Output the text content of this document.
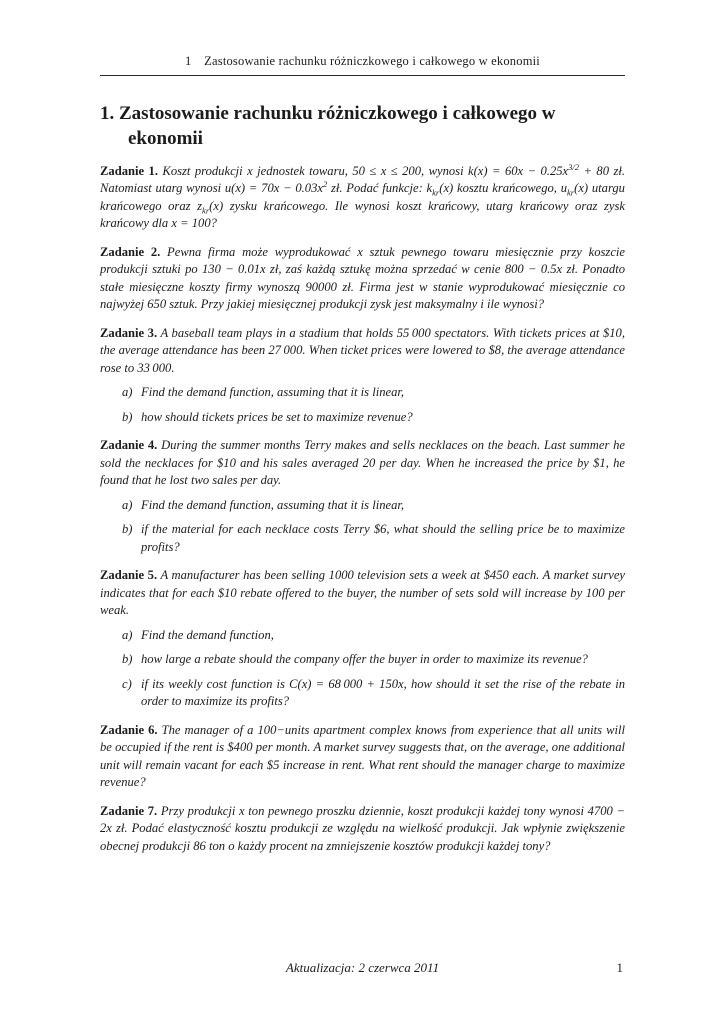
1 Zastosowanie rachunku różniczkowego i całkowego w ekonomii
1. Zastosowanie rachunku różniczkowego i całkowego w ekonomii

Zadanie 1. Koszt produkcji x jednostek towaru, 50 ≤ x ≤ 200, wynosi $k(x) = 60x - 0.25x^{3/2} + 80$ zł. Natomiast utarg wynosi $u(x) = 70x - 0.03x^2$ zł. Podać funkcje: $k_{kr}(x)$ kosztu krańcowego, $u_{kr}(x)$ utargu krańcowego oraz $z_{kr}(x)$ zysku krańcowego. Ile wynosi koszt krańcowy, utarg krańcowy oraz zysk krańcowy dla x = 100?

Zadanie 2. Pewna firma może wyprodukować x sztuk pewnego towaru miesięcznie przy koszcie produkcji sztuki po 130 − 0.01x zł, zaś każdą sztukę można sprzedać w cenie 800 − 0.5x zł. Ponadto stałe miesięczne koszty firmy wynoszą 90000 zł. Firma jest w stanie wyprodukować miesięcznie co najwyżej 650 sztuk. Przy jakiej miesięcznej produkcji zysk jest maksymalny i ile wynosi?

Zadanie 3. A baseball team plays in a stadium that holds 55 000 spectators. With tickets prices at $10, the average attendance has been 27 000. When ticket prices were lowered to $8, the average attendance rose to 33 000.

a) Find the demand function, assuming that it is linear,
b) how should tickets prices be set to maximize revenue?

Zadanie 4. During the summer months Terry makes and sells necklaces on the beach. Last summer he sold the necklaces for $10 and his sales averaged 20 per day. When he increased the price by $1, he found that he lost two sales per day.

a) Find the demand function, assuming that it is linear,
b) if the material for each necklace costs Terry $6, what should the selling price be to maximize profits?

Zadanie 5. A manufacturer has been selling 1000 television sets a week at $450 each. A market survey indicates that for each $10 rebate offered to the buyer, the number of sets sold will increase by 100 per weak.

a) Find the demand function,
b) how large a rebate should the company offer the buyer in order to maximize its revenue?
c) if its weekly cost function is C(x) = 68 000 + 150x, how should it set the rise of the rebate in order to maximize its profits?

Zadanie 6. The manager of a 100−units apartment complex knows from experience that all units will be occupied if the rent is $400 per month. A market survey suggests that, on the average, one additional unit will remain vacant for each $5 increase in rent. What rent should the manager charge to maximize revenue?

Zadanie 7. Przy produkcji x ton pewnego proszku dziennie, koszt produkcji każdej tony wynosi 4700 − 2x zł. Podać elastyczność kosztu produkcji ze względu na wielkość produkcji. Jak wpłynie zwiększenie obecnej produkcji 86 ton o każdy procent na zmniejszenie kosztów produkcji każdej tony?

Aktualizacja: 2 czerwca 2011	1
